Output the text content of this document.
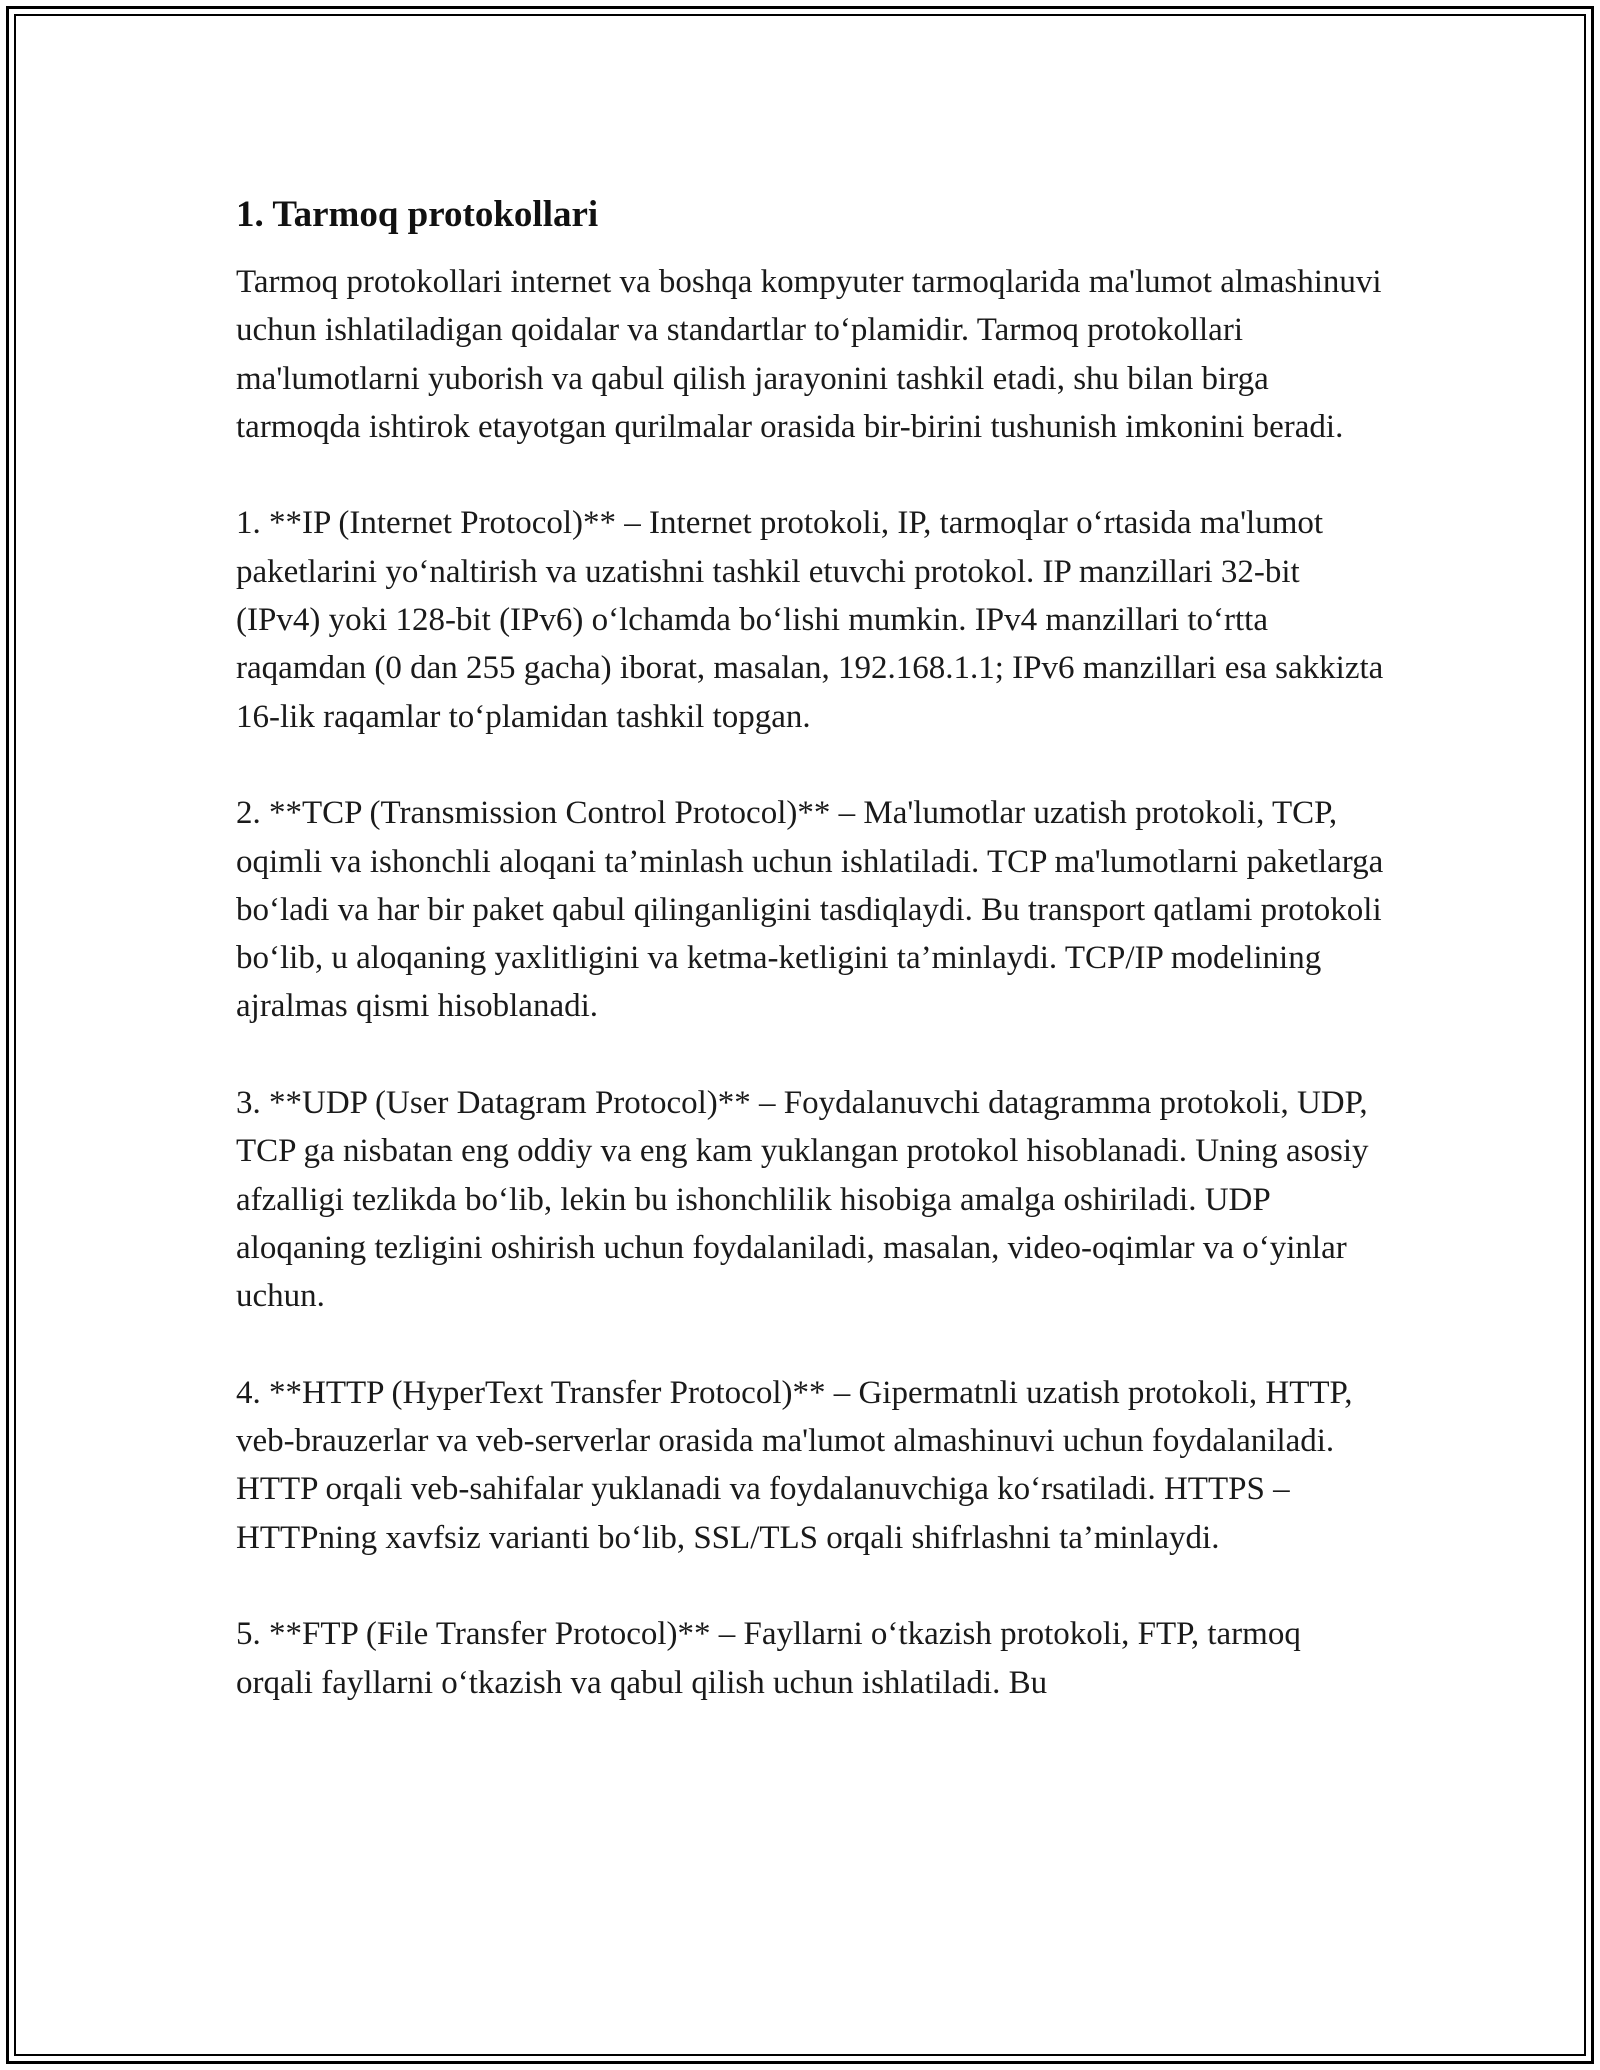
1. Tarmoq protokollari

Tarmoq protokollari internet va boshqa kompyuter tarmoqlarida ma'lumot almashinuvi uchun ishlatiladigan qoidalar va standartlar to‘plamidir. Tarmoq protokollari ma'lumotlarni yuborish va qabul qilish jarayonini tashkil etadi, shu bilan birga tarmoqda ishtirok etayotgan qurilmalar orasida bir-birini tushunish imkonini beradi.

1. **IP (Internet Protocol)** – Internet protokoli, IP, tarmoqlar o‘rtasida ma'lumot paketlarini yo‘naltirish va uzatishni tashkil etuvchi protokol. IP manzillari 32-bit (IPv4) yoki 128-bit (IPv6) o‘lchamda bo‘lishi mumkin. IPv4 manzillari to‘rtta raqamdan (0 dan 255 gacha) iborat, masalan, 192.168.1.1; IPv6 manzillari esa sakkizta 16-lik raqamlar to‘plamidan tashkil topgan.

2. **TCP (Transmission Control Protocol)** – Ma'lumotlar uzatish protokoli, TCP, oqimli va ishonchli aloqani ta’minlash uchun ishlatiladi. TCP ma'lumotlarni paketlarga bo‘ladi va har bir paket qabul qilinganligini tasdiqlaydi. Bu transport qatlami protokoli bo‘lib, u aloqaning yaxlitligini va ketma-ketligini ta’minlaydi. TCP/IP modelining ajralmas qismi hisoblanadi.

3. **UDP (User Datagram Protocol)** – Foydalanuvchi datagramma protokoli, UDP, TCP ga nisbatan eng oddiy va eng kam yuklangan protokol hisoblanadi. Uning asosiy afzalligi tezlikda bo‘lib, lekin bu ishonchlilik hisobiga amalga oshiriladi. UDP aloqaning tezligini oshirish uchun foydalaniladi, masalan, video-oqimlar va o‘yinlar uchun.

4. **HTTP (HyperText Transfer Protocol)** – Gipermatnli uzatish protokoli, HTTP, veb-brauzerlar va veb-serverlar orasida ma'lumot almashinuvi uchun foydalaniladi. HTTP orqali veb-sahifalar yuklanadi va foydalanuvchiga ko‘rsatiladi. HTTPS – HTTPning xavfsiz varianti bo‘lib, SSL/TLS orqali shifrlashni ta’minlaydi.

5. **FTP (File Transfer Protocol)** – Fayllarni o‘tkazish protokoli, FTP, tarmoq orqali fayllarni o‘tkazish va qabul qilish uchun ishlatiladi. Bu
